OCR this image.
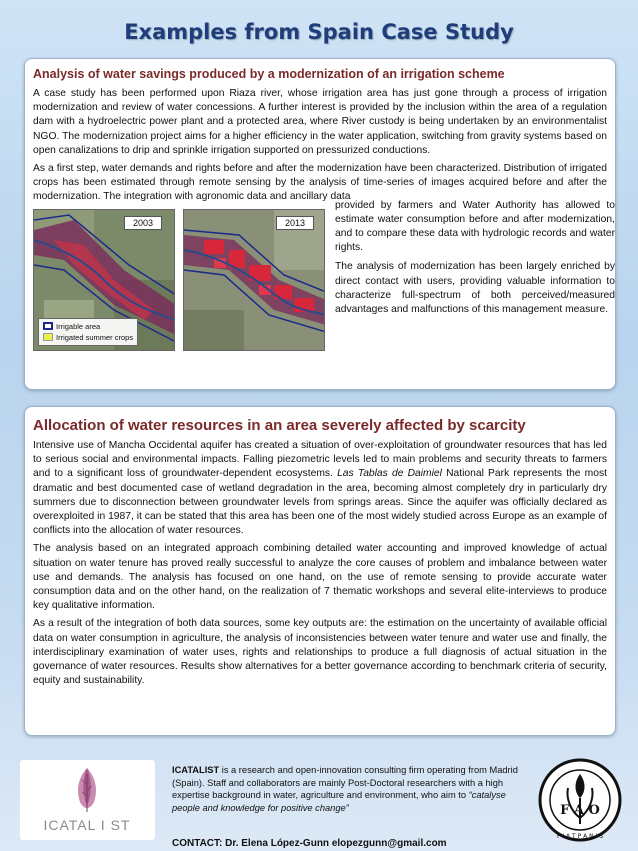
Examples from Spain Case Study
Analysis of water savings produced by a modernization of an irrigation scheme

A case study has been performed upon Riaza river, whose irrigation area has just gone through a process of irrigation modernization and review of water concessions. A further interest is provided by the inclusion within the area of a regulation dam with a hydroelectric power plant and a protected area, where River custody is being undertaken by an environmentalist NGO. The modernization project aims for a higher efficiency in the water application, switching from gravity systems based on open canalizations to drip and sprinkle irrigation supported on pressurized conductions.

As a first step, water demands and rights before and after the modernization have been characterized. Distribution of irrigated crops has been estimated through remote sensing by the analysis of time-series of images acquired before and after the modernization. The integration with agronomic data and ancillary data

2003
Irrigable area
Irrigated summer crops
2013

provided by farmers and Water Authority has allowed to estimate water consumption before and after modernization, and to compare these data with hydrologic records and water rights.

The analysis of modernization has been largely enriched by direct contact with users, providing valuable information to characterize full-spectrum of both perceived/measured advantages and malfunctions of this management measure.

Allocation of water resources in an area severely affected by scarcity

Intensive use of Mancha Occidental aquifer has created a situation of over-exploitation of groundwater resources that has led to serious social and environmental impacts. Falling piezometric levels led to main problems and security threats to farmers and to a significant loss of groundwater-dependent ecosystems. Las Tablas de Daimiel National Park represents the most dramatic and best documented case of wetland degradation in the area, becoming almost completely dry in particularly dry summers due to disconnection between groundwater levels from springs areas. Since the aquifer was officially declared as overexploited in 1987, it can be stated that this area has been one of the most widely studied across Europe as an example of conflicts into the allocation of water resources.

The analysis based on an integrated approach combining detailed water accounting and improved knowledge of actual situation on water tenure has proved really successful to analyze the core causes of problem and imbalance between water use and demands. The analysis has focused on one hand, on the use of remote sensing to provide accurate water consumption data and on the other hand, on the realization of 7 thematic workshops and several elite-interviews to produce key qualitative information.

As a result of the integration of both data sources, some key outputs are: the estimation on the uncertainty of available official data on water consumption in agriculture, the analysis of inconsistencies between water tenure and water use and finally, the interdisciplinary examination of water uses, rights and relationships to produce a full diagnosis of actual situation in the governance of water resources. Results show alternatives for a better governance according to benchmark criteria of security, equity and sustainability.

ICATAL I ST
ICATALIST is a research and open-innovation consulting firm operating from Madrid (Spain). Staff and collaborators are mainly Post-Doctoral researchers with a high expertise background in water, agriculture and environment, who aim to “catalyse people and knowledge for positive change”
CONTACT: Dr. Elena López-Gunn elopezgunn@gmail.com
F A O
F I A T P A N I S
